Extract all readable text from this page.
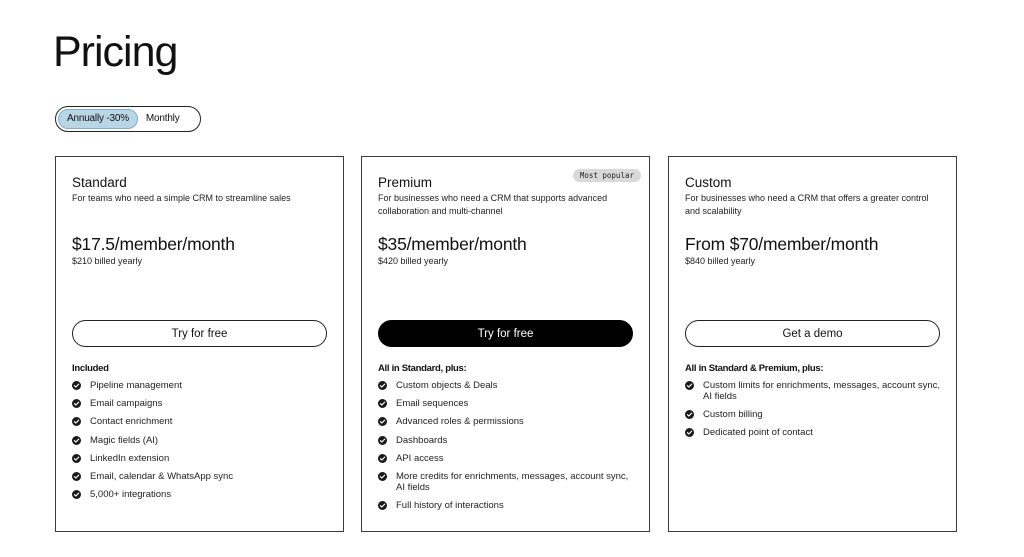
Pricing
Annually -30%	Monthly
Standard
For teams who need a simple CRM to streamline sales
$17.5/member/month
$210 billed yearly
Try for free
Included
Pipeline management
Email campaigns
Contact enrichment
Magic fields (AI)
LinkedIn extension
Email, calendar & WhatsApp sync
5,000+ integrations
Most popular
Premium
For businesses who need a CRM that supports advanced collaboration and multi-channel
$35/member/month
$420 billed yearly
Try for free
All in Standard, plus:
Custom objects & Deals
Email sequences
Advanced roles & permissions
Dashboards
API access
More credits for enrichments, messages, account sync, AI fields
Full history of interactions
Custom
For businesses who need a CRM that offers a greater control and scalability
From $70/member/month
$840 billed yearly
Get a demo
All in Standard & Premium, plus:
Custom limits for enrichments, messages, account sync, AI fields
Custom billing
Dedicated point of contact
